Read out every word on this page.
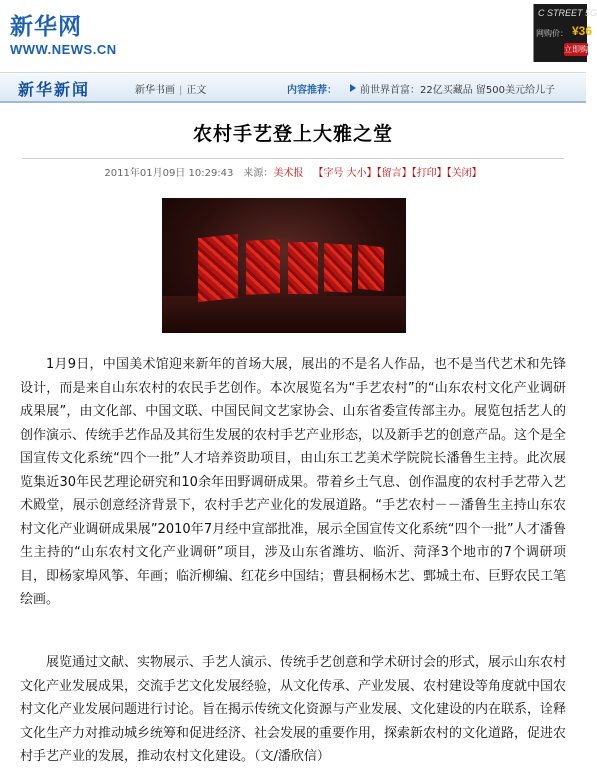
新华网
WWW.NEWS.CN
C STREET 5G
网购价： ¥36
立即购
新华新闻	新华书画 | 正文	内容推荐： 前世界首富：22亿买藏品 留500美元给儿子
农村手艺登上大雅之堂
2011年01月09日 10:29:43 来源：美术报 【字号 大小】【留言】【打印】【关闭】
1月9日，中国美术馆迎来新年的首场大展，展出的不是名人作品，也不是当代艺术和先锋设计，而是来自山东农村的农民手艺创作。本次展览名为“手艺农村”的“山东农村文化产业调研成果展”，由文化部、中国文联、中国民间文艺家协会、山东省委宣传部主办。展览包括艺人的创作演示、传统手艺作品及其衍生发展的农村手艺产业形态，以及新手艺的创意产品。这个是全国宣传文化系统“四个一批”人才培养资助项目，由山东工艺美术学院院长潘鲁生主持。此次展览集近30年民艺理论研究和10余年田野调研成果。带着乡土气息、创作温度的农村手艺带入艺术殿堂，展示创意经济背景下，农村手艺产业化的发展道路。“手艺农村－－潘鲁生主持山东农村文化产业调研成果展”2010年7月经中宣部批准，展示全国宣传文化系统“四个一批”人才潘鲁生主持的“山东农村文化产业调研”项目，涉及山东省潍坊、临沂、菏泽3个地市的7个调研项目，即杨家埠风筝、年画；临沂柳编、红花乡中国结；曹县桐杨木艺、鄄城土布、巨野农民工笔绘画。
展览通过文献、实物展示、手艺人演示、传统手艺创意和学术研讨会的形式，展示山东农村文化产业发展成果，交流手艺文化发展经验，从文化传承、产业发展、农村建设等角度就中国农村文化产业发展问题进行讨论。旨在揭示传统文化资源与产业发展、文化建设的内在联系，诠释文化生产力对推动城乡统筹和促进经济、社会发展的重要作用，探索新农村的文化道路，促进农村手艺产业的发展，推动农村文化建设。（文/潘欣信）
